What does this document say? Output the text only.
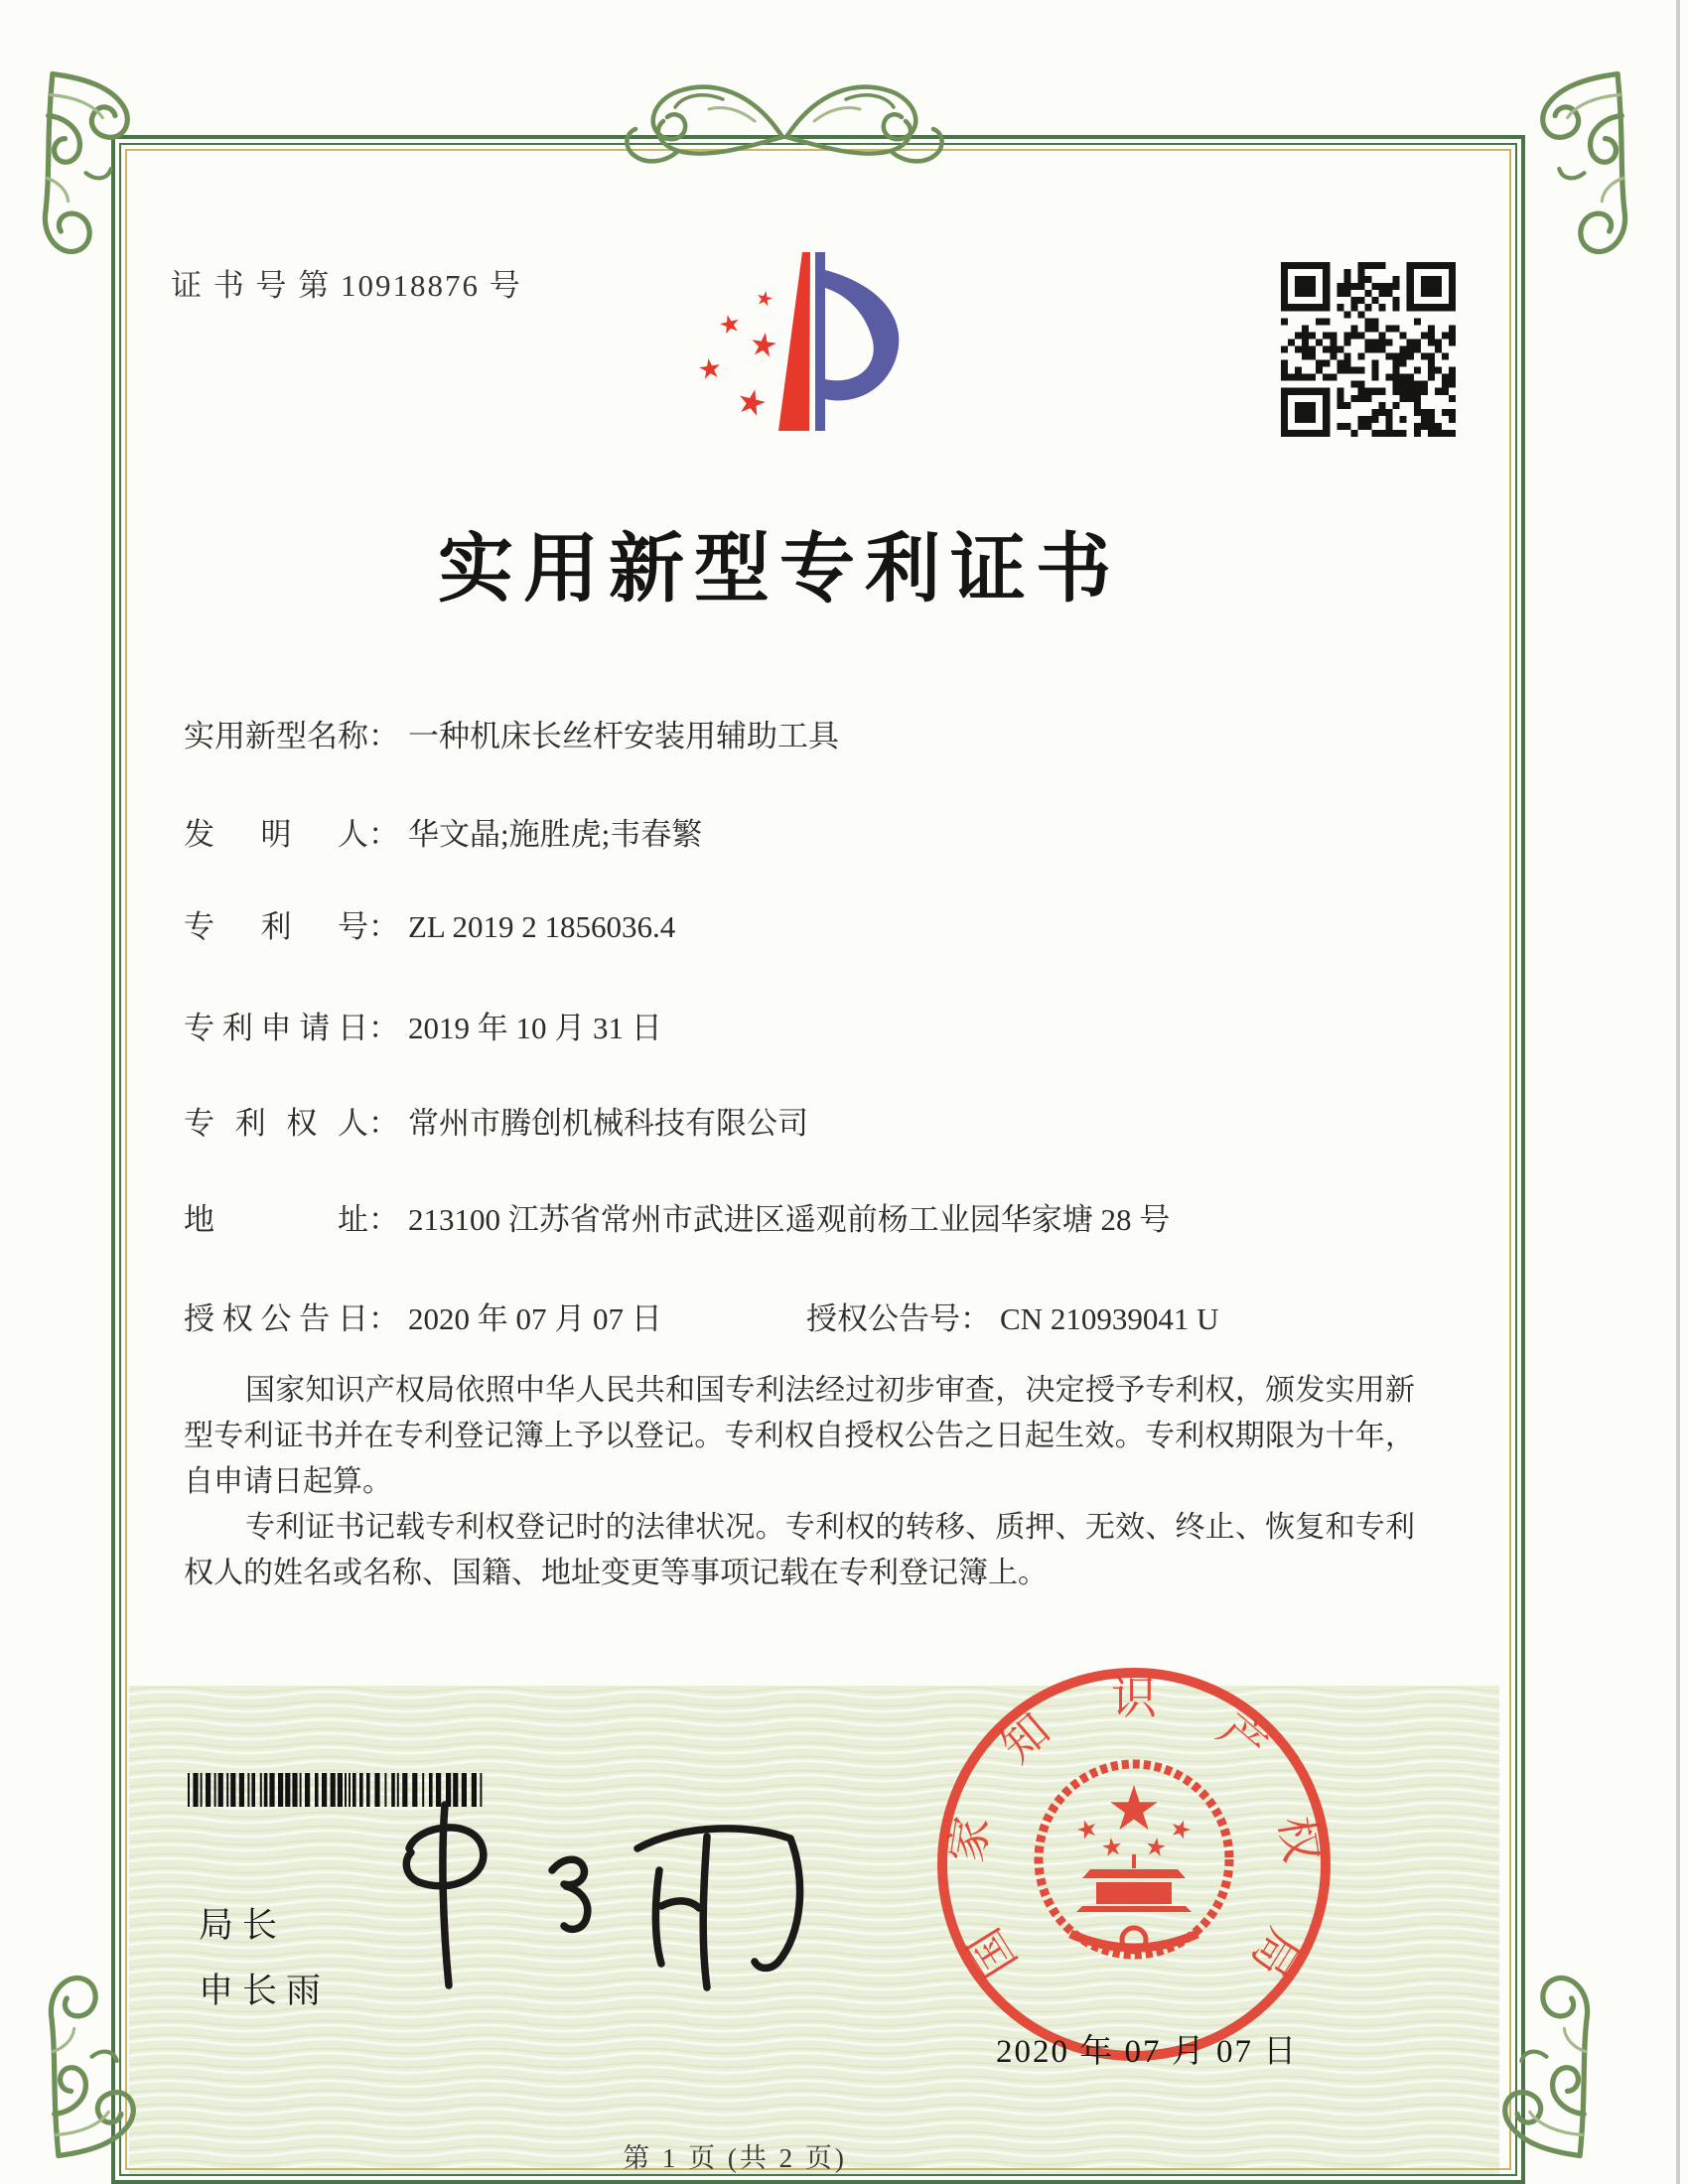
证 书 号 第 10918876 号
实用新型专利证书
实用新型名称： 一种机床长丝杆安装用辅助工具
发明人： 华文晶;施胜虎;韦春繁
专利号： ZL 2019 2 1856036.4
专利申请日： 2019 年 10 月 31 日
专利权人： 常州市腾创机械科技有限公司
地址： 213100 江苏省常州市武进区遥观前杨工业园华家塘 28 号
授权公告日： 2020 年 07 月 07 日	授权公告号： CN 210939041 U

国家知识产权局依照中华人民共和国专利法经过初步审查，决定授予专利权，颁发实用新型专利证书并在专利登记簿上予以登记。专利权自授权公告之日起生效。专利权期限为十年，自申请日起算。

专利证书记载专利权登记时的法律状况。专利权的转移、质押、无效、终止、恢复和专利权人的姓名或名称、国籍、地址变更等事项记载在专利登记簿上。

局长
申长雨
国
家
知
识
产
权
局
2020 年 07 月 07 日
第 1 页 (共 2 页)
